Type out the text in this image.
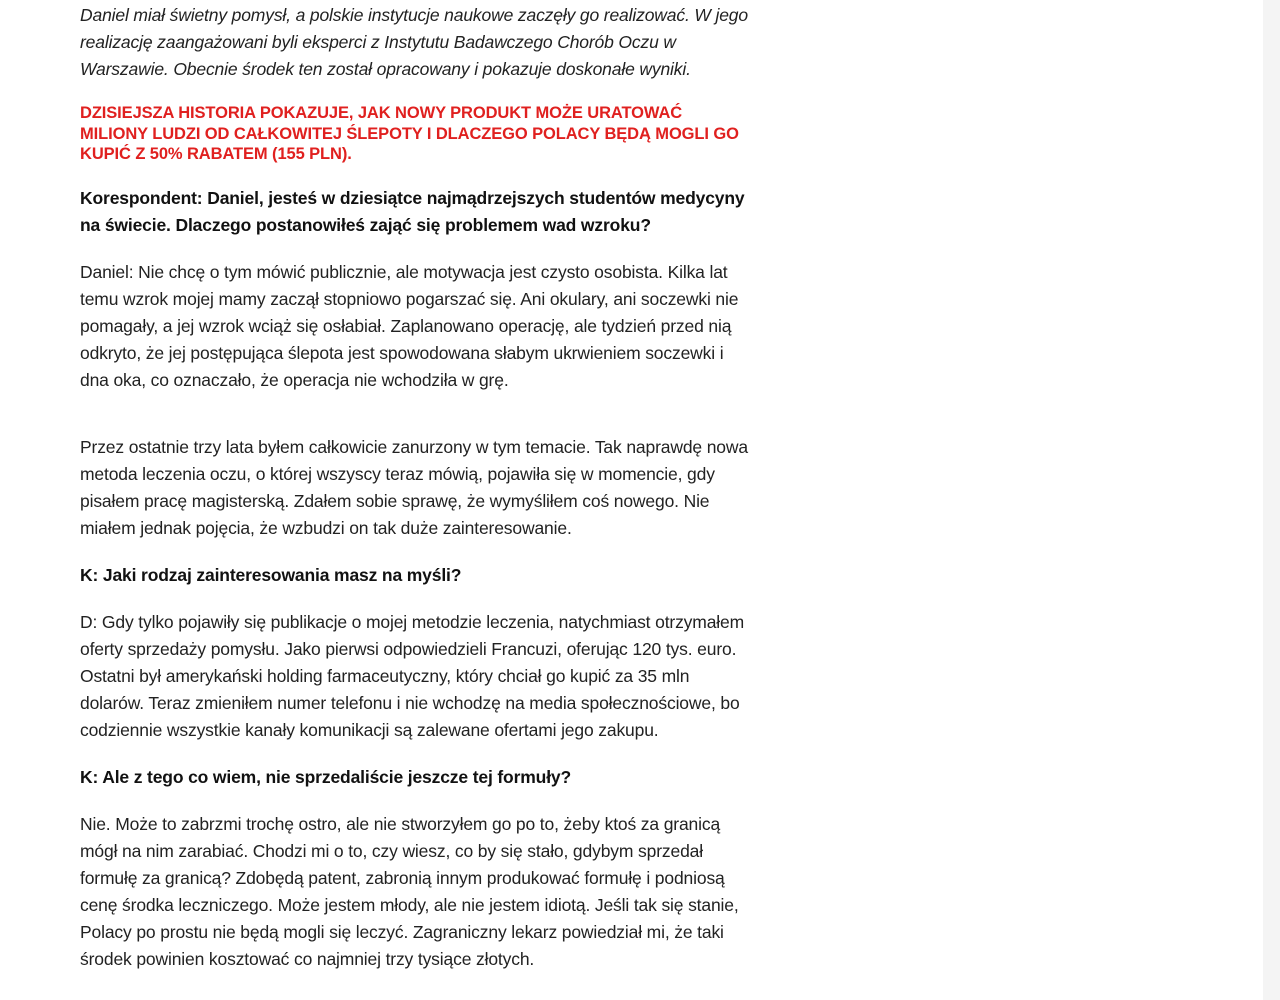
Daniel miał świetny pomysł, a polskie instytucje naukowe zaczęły go realizować. W jego realizację zaangażowani byli eksperci z Instytutu Badawczego Chorób Oczu w Warszawie. Obecnie środek ten został opracowany i pokazuje doskonałe wyniki.

DZISIEJSZA HISTORIA POKAZUJE, JAK NOWY PRODUKT MOŻE URATOWAĆ MILIONY LUDZI OD CAŁKOWITEJ ŚLEPOTY I DLACZEGO POLACY BĘDĄ MOGLI GO KUPIĆ Z 50% RABATEM (155 PLN).

Korespondent: Daniel, jesteś w dziesiątce najmądrzejszych studentów medycyny na świecie. Dlaczego postanowiłeś zająć się problemem wad wzroku?

Daniel: Nie chcę o tym mówić publicznie, ale motywacja jest czysto osobista. Kilka lat temu wzrok mojej mamy zaczął stopniowo pogarszać się. Ani okulary, ani soczewki nie pomagały, a jej wzrok wciąż się osłabiał. Zaplanowano operację, ale tydzień przed nią odkryto, że jej postępująca ślepota jest spowodowana słabym ukrwieniem soczewki i dna oka, co oznaczało, że operacja nie wchodziła w grę.

Przez ostatnie trzy lata byłem całkowicie zanurzony w tym temacie. Tak naprawdę nowa metoda leczenia oczu, o której wszyscy teraz mówią, pojawiła się w momencie, gdy pisałem pracę magisterską. Zdałem sobie sprawę, że wymyśliłem coś nowego. Nie miałem jednak pojęcia, że wzbudzi on tak duże zainteresowanie.

K: Jaki rodzaj zainteresowania masz na myśli?

D: Gdy tylko pojawiły się publikacje o mojej metodzie leczenia, natychmiast otrzymałem oferty sprzedaży pomysłu. Jako pierwsi odpowiedzieli Francuzi, oferując 120 tys. euro. Ostatni był amerykański holding farmaceutyczny, który chciał go kupić za 35 mln dolarów. Teraz zmieniłem numer telefonu i nie wchodzę na media społecznościowe, bo codziennie wszystkie kanały komunikacji są zalewane ofertami jego zakupu.

K: Ale z tego co wiem, nie sprzedaliście jeszcze tej formuły?

Nie. Może to zabrzmi trochę ostro, ale nie stworzyłem go po to, żeby ktoś za granicą mógł na nim zarabiać. Chodzi mi o to, czy wiesz, co by się stało, gdybym sprzedał formułę za granicą? Zdobędą patent, zabronią innym produkować formułę i podniosą cenę środka leczniczego. Może jestem młody, ale nie jestem idiotą. Jeśli tak się stanie, Polacy po prostu nie będą mogli się leczyć. Zagraniczny lekarz powiedział mi, że taki środek powinien kosztować co najmniej trzy tysiące złotych.
